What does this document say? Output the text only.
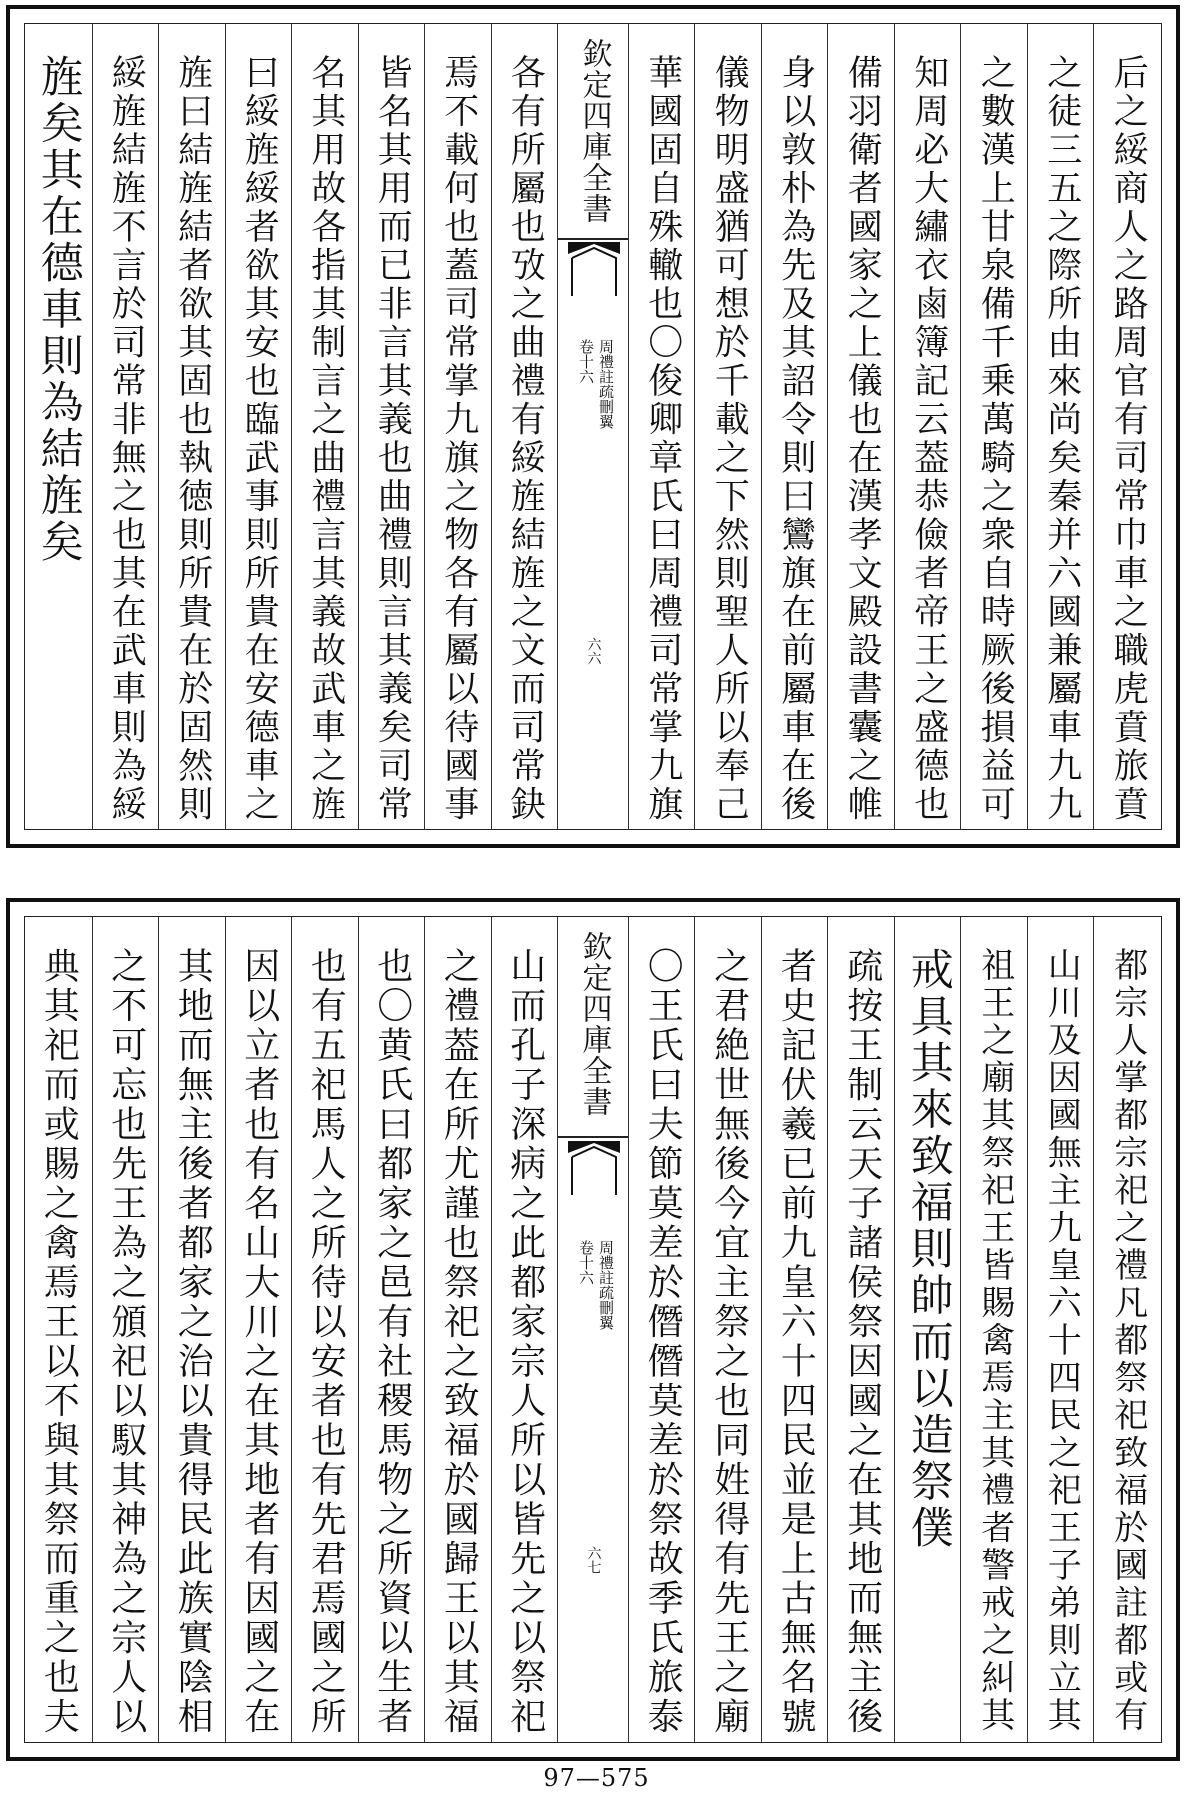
旌矣其在德車則為結旌矣 綏旌結旌不言於司常非無之也其在武車則為綏 旌曰結旌結者欲其固也執徳則所貴在於固然則 曰綏旌綏者欲其安也臨武事則所貴在安德車之 名其用故各指其制言之曲禮言其義故武車之旌 皆名其用而已非言其義也曲禮則言其義矣司常 焉不載何也蓋司常掌九旗之物各有屬以待國事 各有所屬也攷之曲禮有綏旌結旌之文而司常鈌 欽定四庫全書
周禮註疏刪翼
卷十六
六六 華國固自殊轍也〇俊卿章氏曰周禮司常掌九旗 儀物明盛猶可想於千載之下然則聖人所以奉己 身以敦朴為先及其詔令則曰鸞旗在前屬車在後 備羽衛者國家之上儀也在漢孝文殿設書囊之帷 知周必大繡衣鹵簿記云葢恭儉者帝王之盛德也 之數漢上甘泉備千乗萬騎之衆自時厥後損益可 之徒三五之際所由來尚矣秦并六國兼屬車九九 后之綏商人之路周官有司常巾車之職虎賁旅賁
典其祀而或賜之禽焉王以不與其祭而重之也夫 之不可忘也先王為之頒祀以馭其神為之宗人以 其地而無主後者都家之治以貴得民此族實陰相 因以立者也有名山大川之在其地者有因國之在 也有五祀馬人之所待以安者也有先君焉國之所 也〇黄氏曰都家之邑有社稷馬物之所資以生者 之禮葢在所尤謹也祭祀之致福於國歸王以其福 山而孔子深病之此都家宗人所以皆先之以祭祀 欽定四庫全書
周禮註疏刪翼
卷十六
六七 〇王氏曰夫節莫差於僭僭莫差於祭故季氏旅泰 之君絶世無後今宜主祭之也同姓得有先王之廟 者史記伏羲已前九皇六十四民並是上古無名號 疏按王制云天子諸侯祭因國之在其地而無主後 戒具其來致福則帥而以造祭僕 祖王之廟其祭祀王皆賜禽焉主其禮者警戒之糾其 山川及因國無主九皇六十四民之祀王子弟則立其 都宗人掌都宗祀之禮凡都祭祀致福於國註都或有
97—575
